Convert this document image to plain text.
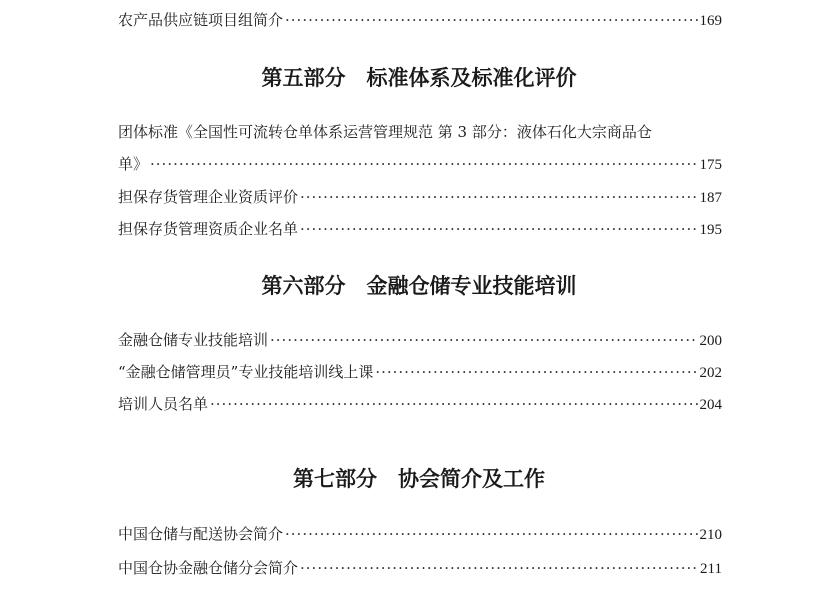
农产品供应链项目组简介 ·····	169
第五部分　标准体系及标准化评价
团体标准《全国性可流转仓单体系运营管理规范 第 3 部分：液体石化大宗商品仓
单》 ·····	175
担保存货管理企业资质评价 ·····	187
担保存货管理资质企业名单 ·····	195
第六部分　金融仓储专业技能培训
金融仓储专业技能培训 ·····	200
“金融仓储管理员”专业技能培训线上课 ·····	202
培训人员名单 ·····	204
第七部分　协会简介及工作
中国仓储与配送协会简介 ·····	210
中国仓协金融仓储分会简介 ·····	211
